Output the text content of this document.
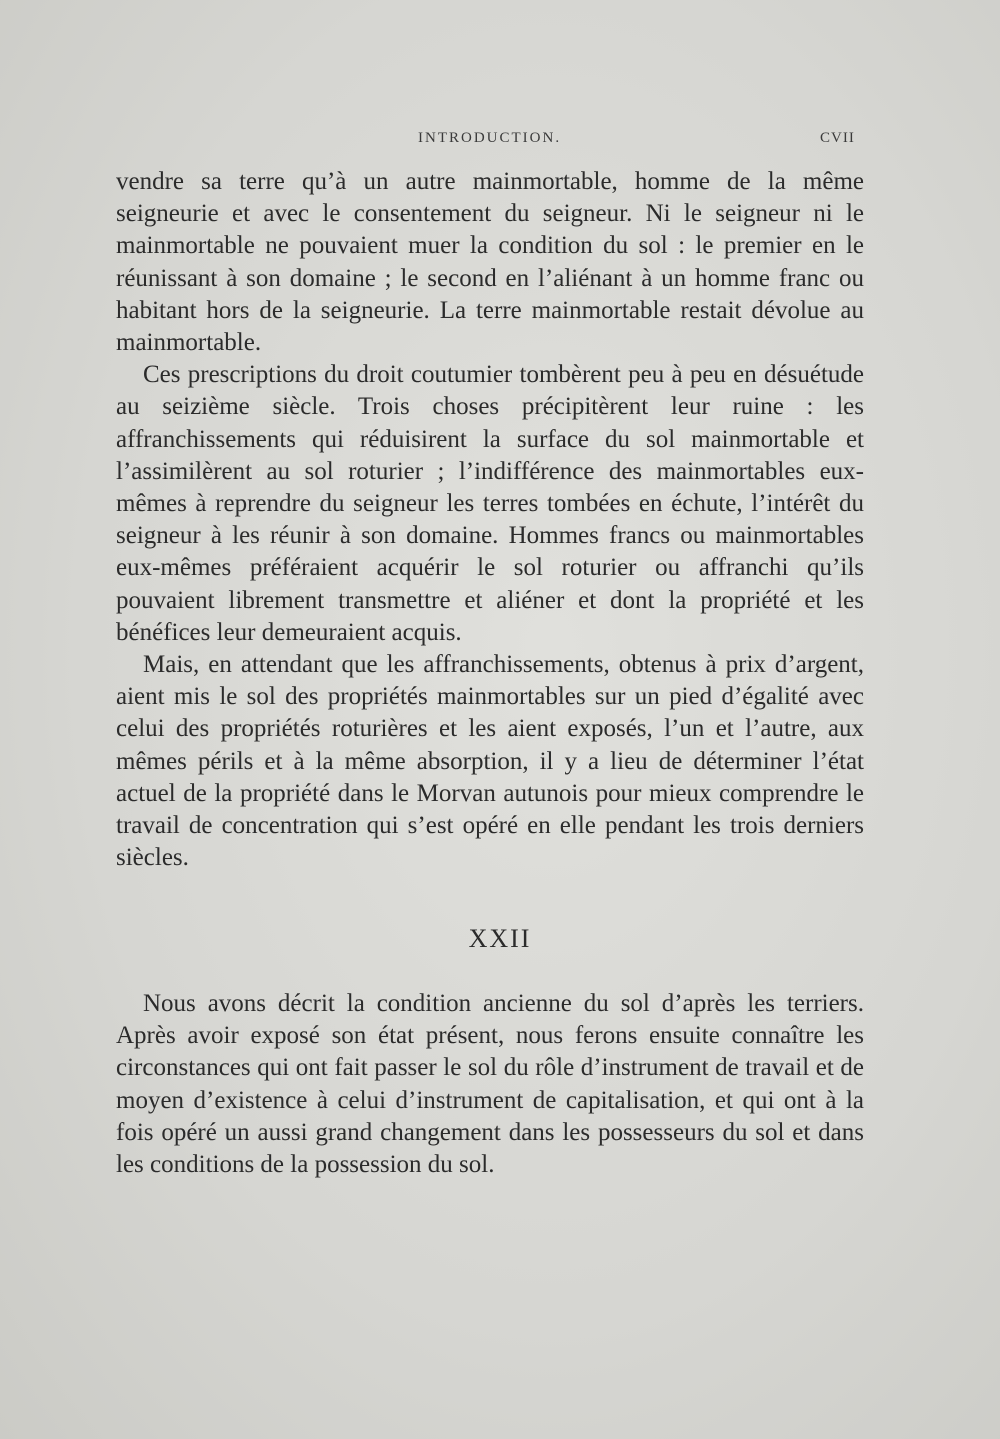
INTRODUCTION.	CVII

vendre sa terre qu’à un autre mainmortable, homme de la même seigneurie et avec le consentement du seigneur. Ni le seigneur ni le mainmortable ne pouvaient muer la condition du sol : le premier en le réunissant à son domaine ; le second en l’aliénant à un homme franc ou habitant hors de la seigneurie. La terre mainmortable restait dévolue au mainmortable.

Ces prescriptions du droit coutumier tombèrent peu à peu en désuétude au seizième siècle. Trois choses précipitèrent leur ruine : les affranchissements qui réduisirent la surface du sol mainmortable et l’assimilèrent au sol roturier ; l’indifférence des mainmortables eux-mêmes à reprendre du seigneur les terres tombées en échute, l’intérêt du seigneur à les réunir à son domaine. Hommes francs ou mainmortables eux-mêmes préféraient acquérir le sol roturier ou affranchi qu’ils pouvaient librement transmettre et aliéner et dont la propriété et les bénéfices leur demeuraient acquis.

Mais, en attendant que les affranchissements, obtenus à prix d’argent, aient mis le sol des propriétés mainmortables sur un pied d’égalité avec celui des propriétés roturières et les aient exposés, l’un et l’autre, aux mêmes périls et à la même absorption, il y a lieu de déterminer l’état actuel de la propriété dans le Morvan autunois pour mieux comprendre le travail de concentration qui s’est opéré en elle pendant les trois derniers siècles.

XXII

Nous avons décrit la condition ancienne du sol d’après les terriers. Après avoir exposé son état présent, nous ferons ensuite connaître les circonstances qui ont fait passer le sol du rôle d’instrument de travail et de moyen d’existence à celui d’instrument de capitalisation, et qui ont à la fois opéré un aussi grand changement dans les possesseurs du sol et dans les conditions de la possession du sol.
